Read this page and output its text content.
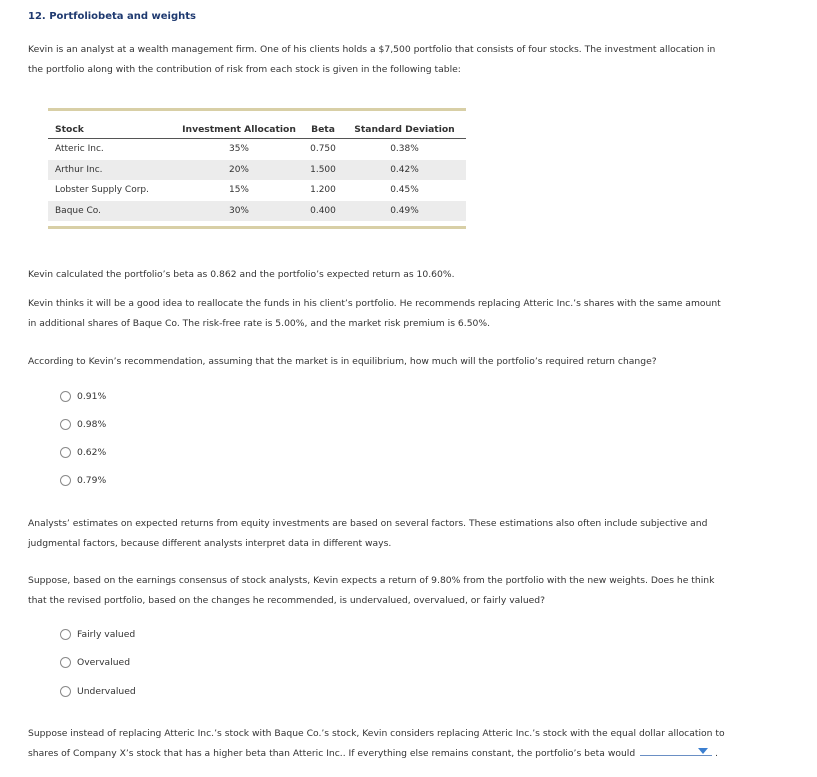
12. Portfoliobeta and weights
Kevin is an analyst at a wealth management firm. One of his clients holds a $7,500 portfolio that consists of four stocks. The investment allocation in
the portfolio along with the contribution of risk from each stock is given in the following table:
Stock	Investment Allocation	Beta	Standard Deviation
Atteric Inc.	35%	0.750	0.38%
Arthur Inc.	20%	1.500	0.42%
Lobster Supply Corp.	15%	1.200	0.45%
Baque Co.	30%	0.400	0.49%
Kevin calculated the portfolio’s beta as 0.862 and the portfolio’s expected return as 10.60%.
Kevin thinks it will be a good idea to reallocate the funds in his client’s portfolio. He recommends replacing Atteric Inc.’s shares with the same amount
in additional shares of Baque Co. The risk-free rate is 5.00%, and the market risk premium is 6.50%.
According to Kevin’s recommendation, assuming that the market is in equilibrium, how much will the portfolio’s required return change?
0.91%
0.98%
0.62%
0.79%
Analysts’ estimates on expected returns from equity investments are based on several factors. These estimations also often include subjective and
judgmental factors, because different analysts interpret data in different ways.
Suppose, based on the earnings consensus of stock analysts, Kevin expects a return of 9.80% from the portfolio with the new weights. Does he think
that the revised portfolio, based on the changes he recommended, is undervalued, overvalued, or fairly valued?
Fairly valued
Overvalued
Undervalued
Suppose instead of replacing Atteric Inc.’s stock with Baque Co.’s stock, Kevin considers replacing Atteric Inc.’s stock with the equal dollar allocation to
shares of Company X’s stock that has a higher beta than Atteric Inc.. If everything else remains constant, the portfolio’s beta would	.
